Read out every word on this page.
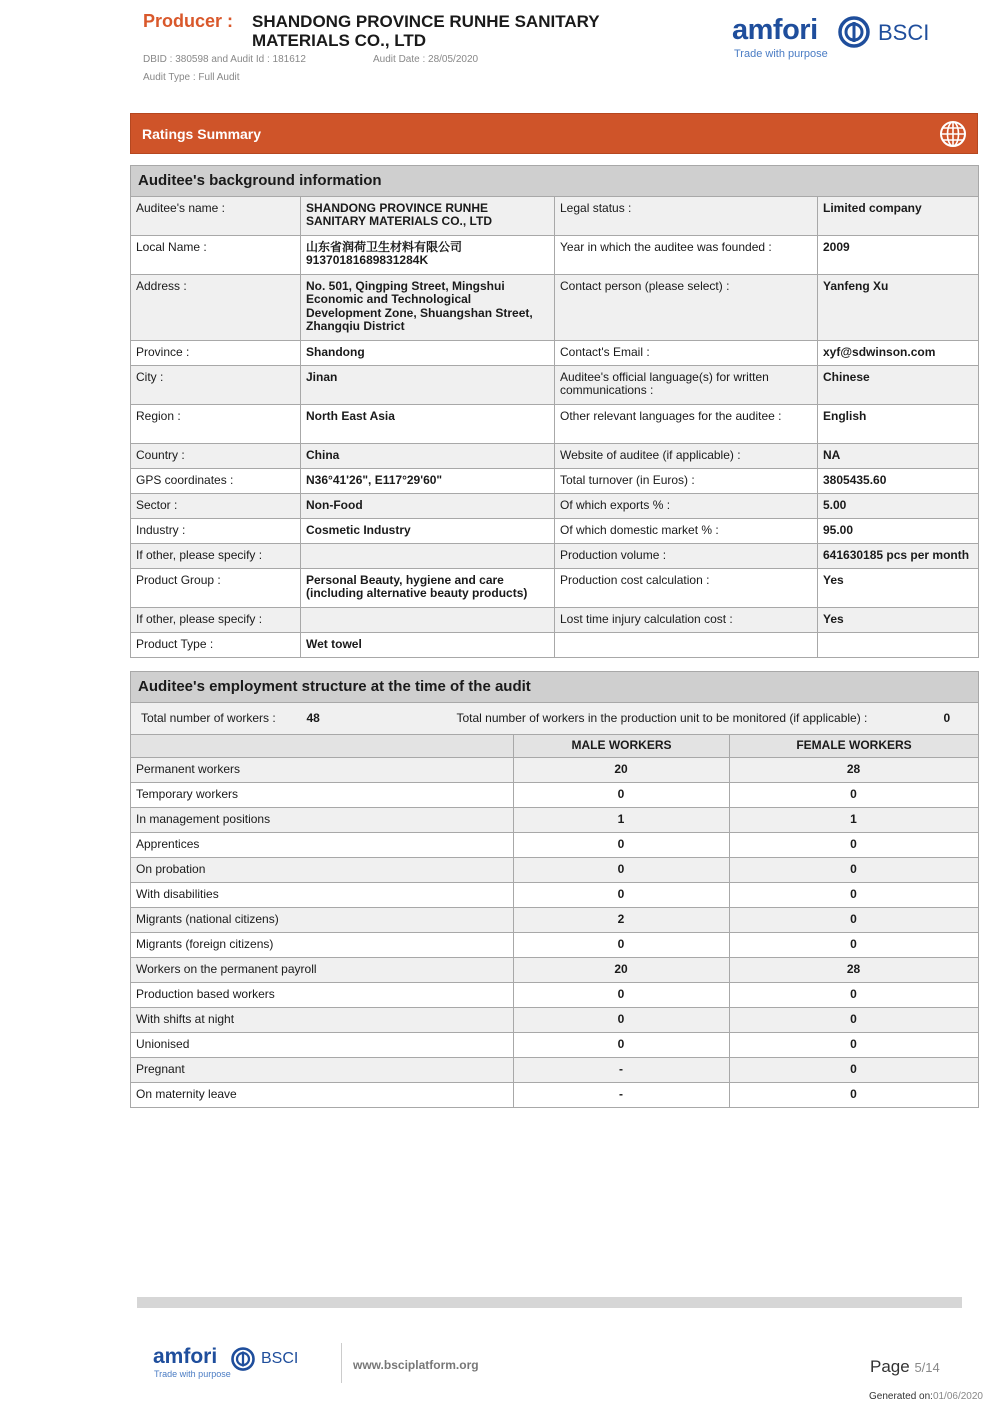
Producer : SHANDONG PROVINCE RUNHE SANITARY MATERIALS CO., LTD
DBID : 380598 and Audit Id : 181612	Audit Date : 28/05/2020
Audit Type : Full Audit
amfori	BSCI
Trade with purpose
Ratings Summary
Auditee's background information			
Auditee's name :	SHANDONG PROVINCE RUNHE SANITARY MATERIALS CO., LTD	Legal status :	Limited company
Local Name :	山东省润荷卫生材料有限公司 91370181689831284K	Year in which the auditee was founded :	2009
Address :	No. 501, Qingping Street, Mingshui Economic and Technological Development Zone, Shuangshan Street, Zhangqiu District	Contact person (please select) :	Yanfeng Xu
Province :	Shandong	Contact's Email :	xyf@sdwinson.com
City :	Jinan	Auditee's official language(s) for written communications :	Chinese
Region :	North East Asia	Other relevant languages for the auditee :	English
Country :	China	Website of auditee (if applicable) :	NA
GPS coordinates :	N36°41'26", E117°29'60"	Total turnover (in Euros) :	3805435.60
Sector :	Non-Food	Of which exports % :	5.00
Industry :	Cosmetic Industry	Of which domestic market % :	95.00
If other, please specify :		Production volume :	641630185 pcs per month
Product Group :	Personal Beauty, hygiene and care (including alternative beauty products)	Production cost calculation :	Yes
If other, please specify :		Lost time injury calculation cost :	Yes
Product Type :	Wet towel		
Auditee's employment structure at the time of the audit		
Total number of workers : 48 Total number of workers in the production unit to be monitored (if applicable) : 0		

	MALE WORKERS	FEMALE WORKERS
Permanent workers	20	28
Temporary workers	0	0
In management positions	1	1
Apprentices	0	0
On probation	0	0
With disabilities	0	0
Migrants (national citizens)	2	0
Migrants (foreign citizens)	0	0
Workers on the permanent payroll	20	28
Production based workers	0	0
With shifts at night	0	0
Unionised	0	0
Pregnant	-	0
On maternity leave	-	0
amfori	BSCI
Trade with purpose
www.bsciplatform.org	Page 5/14
Generated on:01/06/2020
